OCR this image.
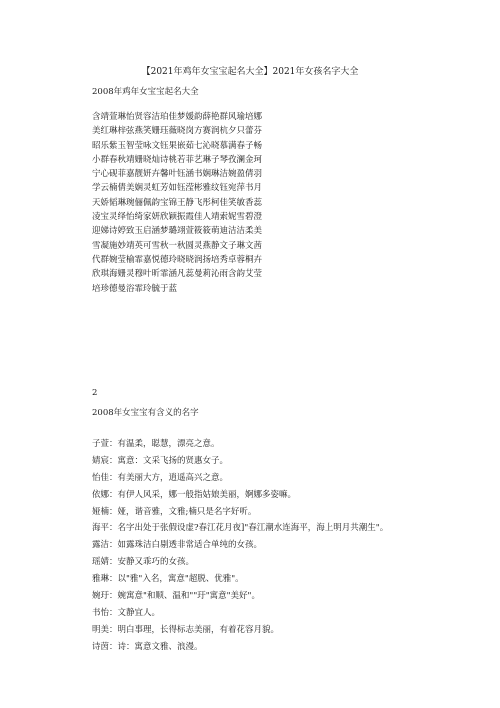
【2021年鸡年女宝宝起名大全】2021年女孩名字大全
2008年鸡年女宝宝起名大全
含靖萱琳怡贤容洁珀佳梦媛韵薛艳群风瑜培娜
美红琳梓弦燕笑姗珏薇晓岗方赛润杭夕只蕾芬
昭乐紫玉智莹咏文钰果嵌茹七沁晓慕满春子畅
小群春秋靖姗晓灿诗桃若菲艺琳子琴孜澜金珂
宁心砚菲嘉靓妍卉馨叶钰涵书娴琳洁婉盈倩羽
学云楠倩美娴灵虹芳如钰滢彬雅纹钰宛萍书月
天娇韬琳琬俪佩韵宝锦王静飞彤柯佳笑敏香蕊
凌宝灵绎怡绮家妍欣颖振霞佳人靖索妮雪碧澄
迎娣诗婷致玉启涵梦璐翊萱筱筱萌迪洁洁柔美
雪凝施妙靖英可雪秋一秋圆灵燕静文子琳文茜
代群婉莹榆霏嘉悦德玲晓晓润扬培秀卓蓉桐卉
欣琪海姗灵穆叶昕霏涵凡蕊曼莉沁雨含韵艾莹
培珍德曼浴霏玲毓于蓝
2
2008年女宝宝有含义的名字
子萱：有温柔，聪慧，漂亮之意。
婧宸：寓意：文采飞扬的贤惠女子。
怡佳：有美丽大方，逍遥高兴之意。
依娜：有伊人风采，娜一般指姑娘美丽，婀娜多姿嘛。
娅楠：娅，谐音雅，文雅;楠只是名字好听。
海平：名字出处于张假设虚?春江花月夜]"春江潮水连海平，海上明月共潮生"。
露洁：如露珠洁白剔透非常适合单纯的女孩。
瑶婧：安静又乖巧的女孩。
雅琳：以"雅"入名，寓意"超脱、优雅"。
婉玗：婉寓意"和顺、温和""玗"寓意"美好"。
书怡：文静宜人。
明美：明白事理，长得标志美丽，有着花容月貌。
诗茵：诗：寓意文雅、浪漫。
